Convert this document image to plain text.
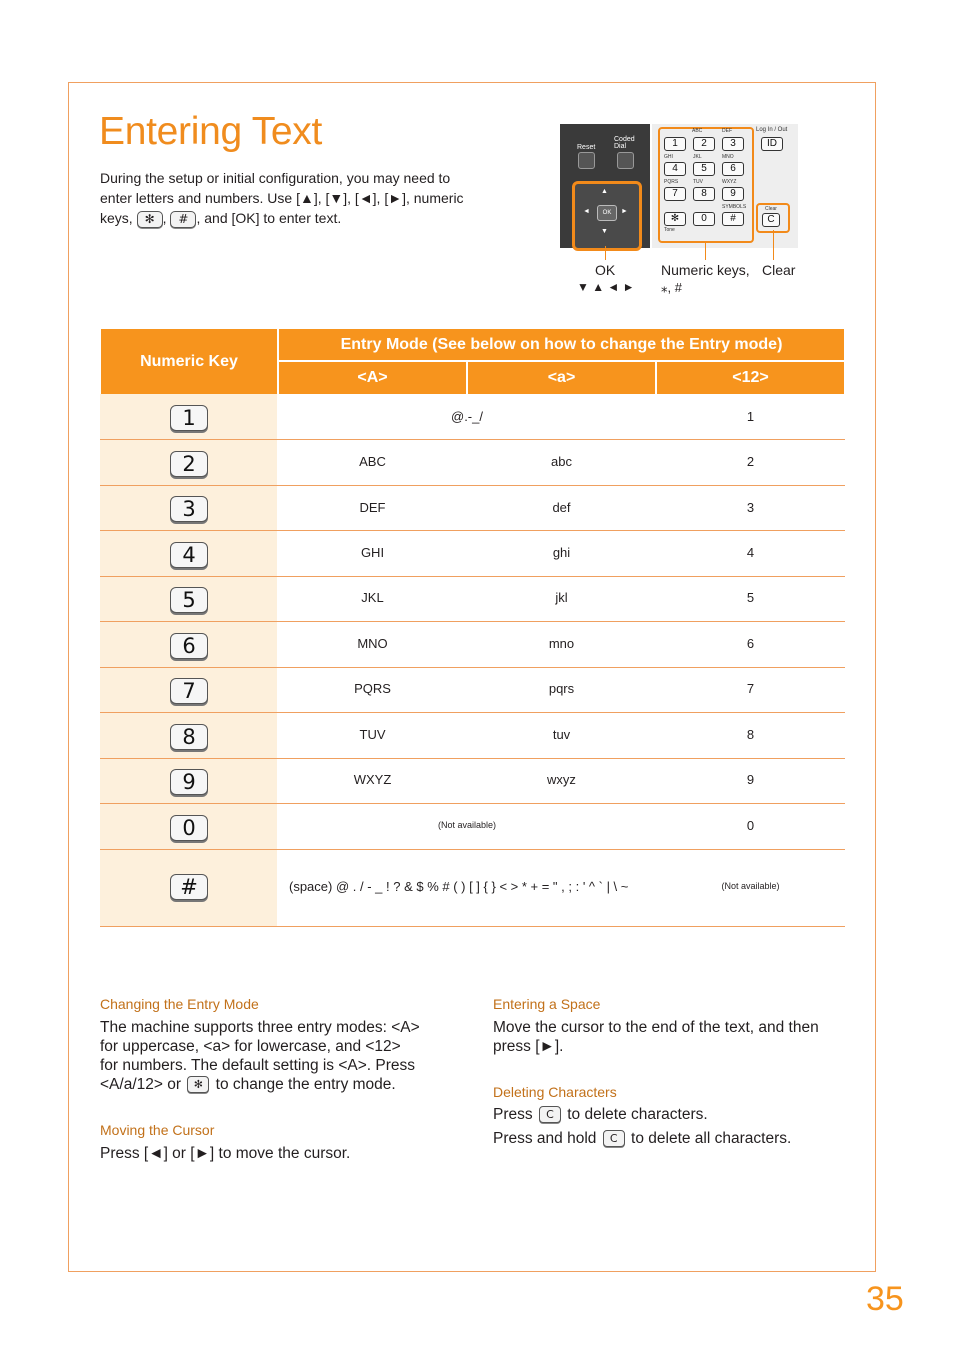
Entering Text
During the setup or initial configuration, you may need to
enter letters and numbers. Use [▲], [▼], [◄], [►], numeric
keys, ✻ , # , and [OK] to enter text.
Reset
Coded Dial
▲
◄	►
▼
OK
ABC	DEF
1	2	3
GHI	JKL	MNO
4	5	6
PQRS	TUV	WXYZ
7	8	9
SYMBOLS
✻	0	#
Tone
Log In / Out
ID
Clear
C
OK
▼ ▲ ◄ ►
Numeric keys,
⁎, #
Clear
Numeric Key
Entry Mode (See below on how to change the Entry mode)
<A>	<a>	<12>
1	@.-_/	1
2	ABC	abc	2
3	DEF	def	3
4	GHI	ghi	4
5	JKL	jkl	5
6	MNO	mno	6
7	PQRS	pqrs	7
8	TUV	tuv	8
9	WXYZ	wxyz	9
0	(Not available)	0
#	(space) @ . / - _ ! ? & $ % # ( ) [ ] { } < > * + = " , ; : ' ^ ` | \ ~	(Not available)
Changing the Entry Mode
The machine supports three entry modes: <A>
for uppercase, <a> for lowercase, and <12>
for numbers. The default setting is <A>. Press
<A/a/12> or ✻ to change the entry mode.
Moving the Cursor
Press [◄] or [►] to move the cursor.
Entering a Space
Move the cursor to the end of the text, and then
press [►].
Deleting Characters
Press C to delete characters.
Press and hold C to delete all characters.
35
